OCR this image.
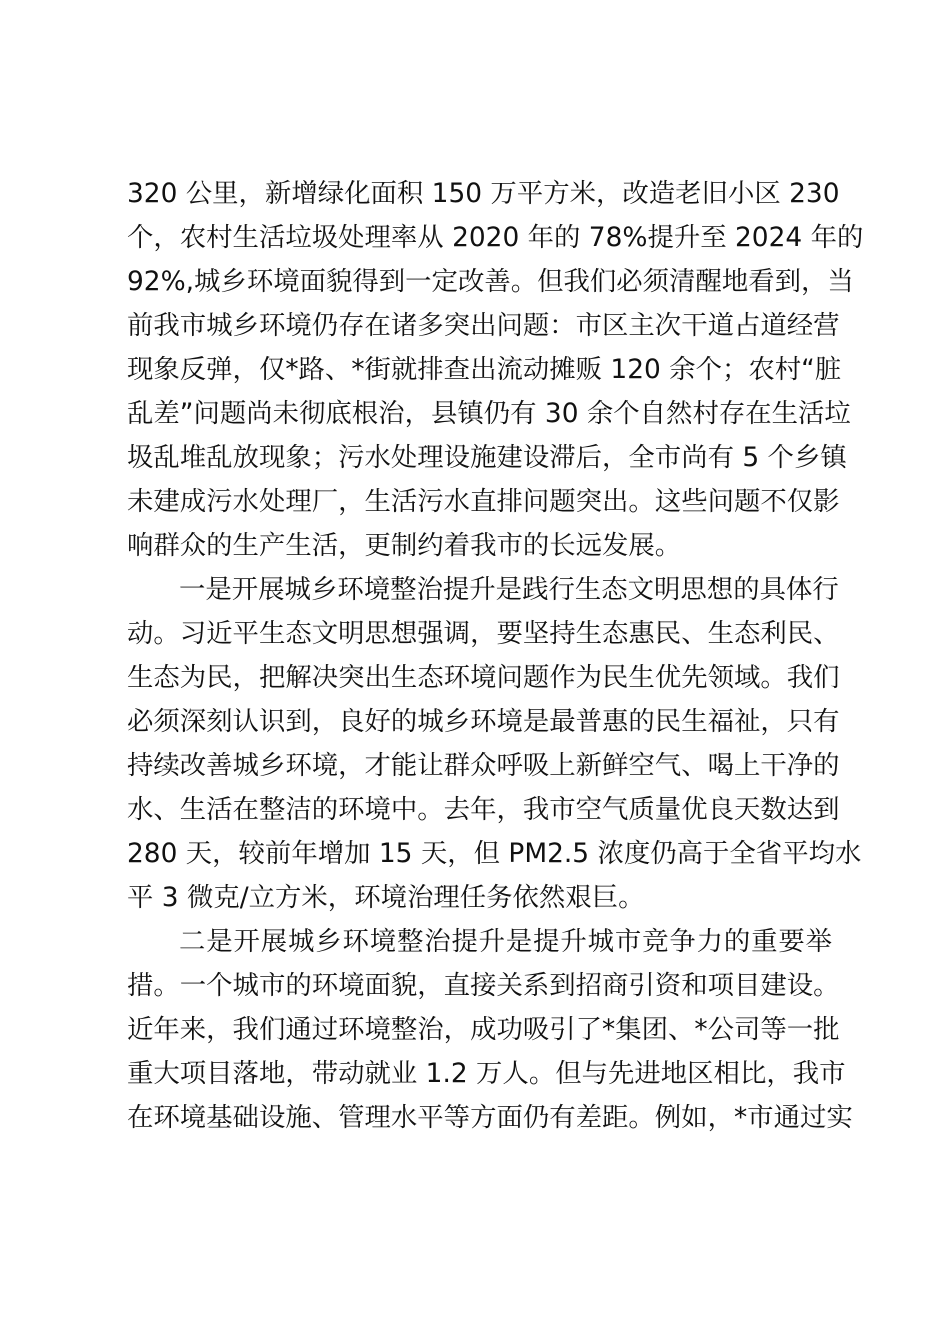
320 公里，新增绿化面积 150 万平方米，改造老旧小区 230
个，农村生活垃圾处理率从 2020 年的 78%提升至 2024 年的
92%,城乡环境面貌得到一定改善。但我们必须清醒地看到，当
前我市城乡环境仍存在诸多突出问题：市区主次干道占道经营
现象反弹，仅*路、*街就排查出流动摊贩 120 余个；农村“脏
乱差”问题尚未彻底根治，县镇仍有 30 余个自然村存在生活垃
圾乱堆乱放现象；污水处理设施建设滞后，全市尚有 5 个乡镇
未建成污水处理厂，生活污水直排问题突出。这些问题不仅影
响群众的生产生活，更制约着我市的长远发展。
一是开展城乡环境整治提升是践行生态文明思想的具体行
动。习近平生态文明思想强调，要坚持生态惠民、生态利民、
生态为民，把解决突出生态环境问题作为民生优先领域。我们
必须深刻认识到，良好的城乡环境是最普惠的民生福祉，只有
持续改善城乡环境，才能让群众呼吸上新鲜空气、喝上干净的
水、生活在整洁的环境中。去年，我市空气质量优良天数达到
280 天，较前年增加 15 天，但 PM2.5 浓度仍高于全省平均水
平 3 微克/立方米，环境治理任务依然艰巨。
二是开展城乡环境整治提升是提升城市竞争力的重要举
措。一个城市的环境面貌，直接关系到招商引资和项目建设。
近年来，我们通过环境整治，成功吸引了*集团、*公司等一批
重大项目落地，带动就业 1.2 万人。但与先进地区相比，我市
在环境基础设施、管理水平等方面仍有差距。例如，*市通过实
